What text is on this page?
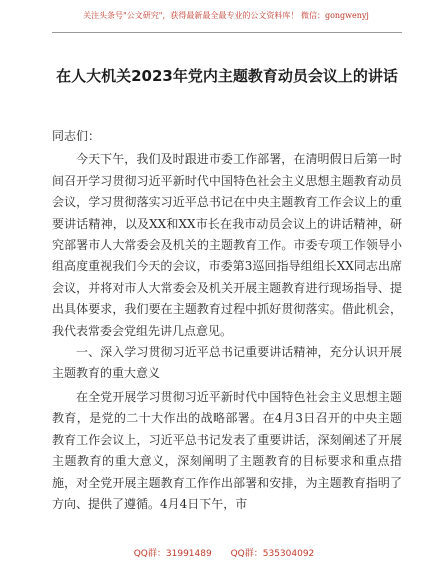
关注头条号"公文研究"，获得最新最全最专业的公文资料库！ 微信：gongwenyj
在人大机关2023年党内主题教育动员会议上的讲话
同志们：

今天下午，我们及时跟进市委工作部署，在清明假日后第一时间召开学习贯彻习近平新时代中国特色社会主义思想主题教育动员会议，学习贯彻落实习近平总书记在中央主题教育工作会议上的重要讲话精神，以及XX和XX市长在我市动员会议上的讲话精神，研究部署市人大常委会及机关的主题教育工作。市委专项工作领导小组高度重视我们今天的会议，市委第3巡回指导组组长XX同志出席会议，并将对市人大常委会及机关开展主题教育进行现场指导、提出具体要求，我们要在主题教育过程中抓好贯彻落实。借此机会，我代表常委会党组先讲几点意见。

一、深入学习贯彻习近平总书记重要讲话精神，充分认识开展主题教育的重大意义

在全党开展学习贯彻习近平新时代中国特色社会主义思想主题教育，是党的二十大作出的战略部署。在4月3日召开的中央主题教育工作会议上，习近平总书记发表了重要讲话，深刻阐述了开展主题教育的重大意义，深刻阐明了主题教育的目标要求和重点措施，对全党开展主题教育工作作出部署和安排，为主题教育指明了方向、提供了遵循。4月4日下午，市

QQ群：31991489 QQ群：535304092
